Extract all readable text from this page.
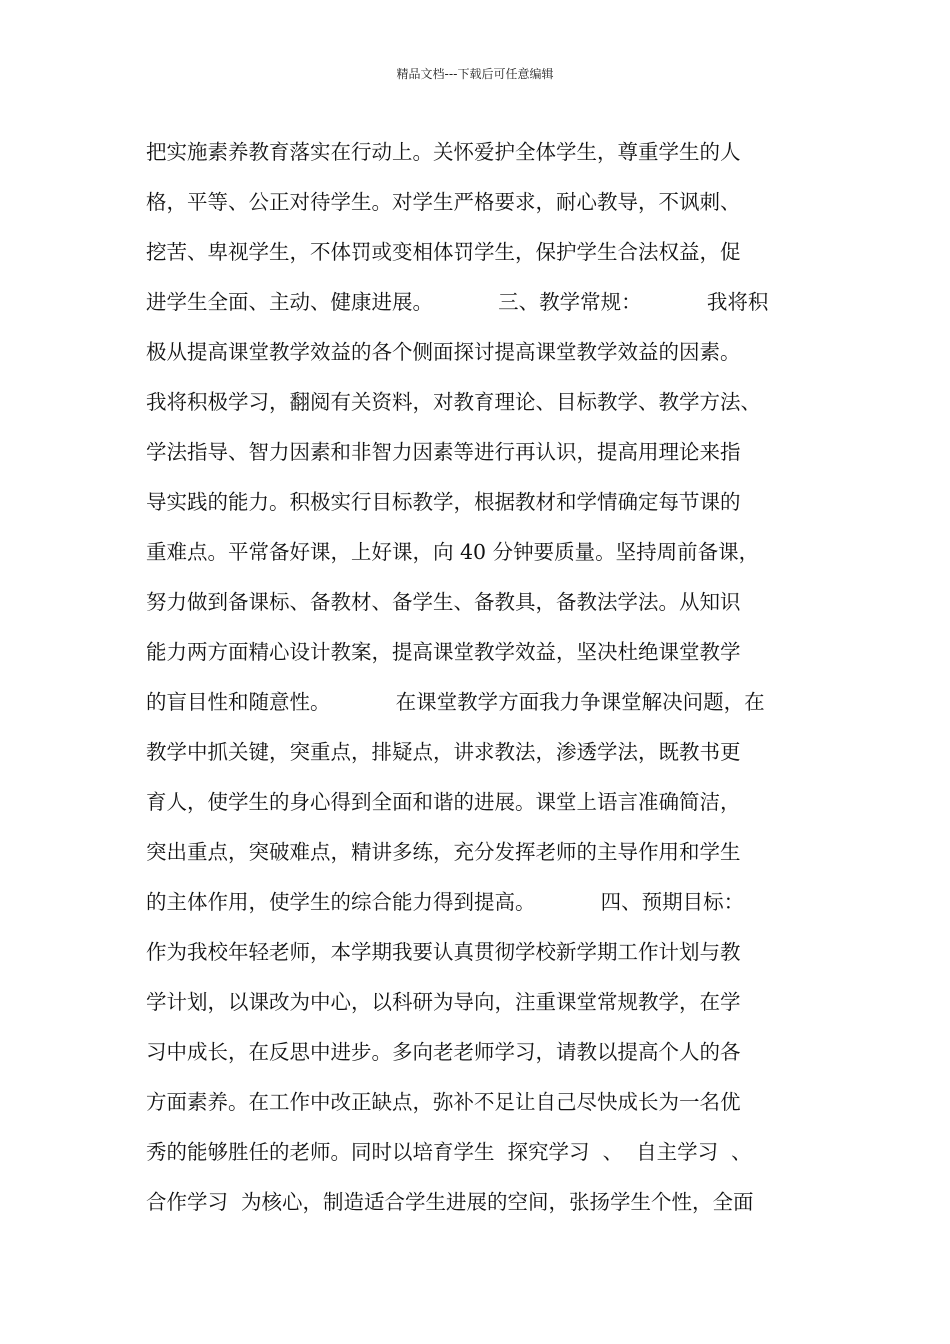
精品文档---下载后可任意编辑
把实施素养教育落实在行动上。关怀爱护全体学生，尊重学生的人
格，平等、公正对待学生。对学生严格要求，耐心教导，不讽刺、
挖苦、卑视学生，不体罚或变相体罚学生，保护学生合法权益，促
进学生全面、主动、健康进展。          三、教学常规：          我将积
极从提高课堂教学效益的各个侧面探讨提高课堂教学效益的因素。
我将积极学习，翻阅有关资料，对教育理论、目标教学、教学方法、
学法指导、智力因素和非智力因素等进行再认识，提高用理论来指
导实践的能力。积极实行目标教学，根据教材和学情确定每节课的
重难点。平常备好课，上好课，向 40 分钟要质量。坚持周前备课，
努力做到备课标、备教材、备学生、备教具，备教法学法。从知识
能力两方面精心设计教案，提高课堂教学效益，坚决杜绝课堂教学
的盲目性和随意性。          在课堂教学方面我力争课堂解决问题，在
教学中抓关键，突重点，排疑点，讲求教法，渗透学法，既教书更
育人，使学生的身心得到全面和谐的进展。课堂上语言准确简洁，
突出重点，突破难点，精讲多练，充分发挥老师的主导作用和学生
的主体作用，使学生的综合能力得到提高。          四、预期目标：
作为我校年轻老师，本学期我要认真贯彻学校新学期工作计划与教
学计划，以课改为中心，以科研为导向，注重课堂常规教学，在学
习中成长，在反思中进步。多向老老师学习，请教以提高个人的各
方面素养。在工作中改正缺点，弥补不足让自己尽快成长为一名优
秀的能够胜任的老师。同时以培育学生  探究学习  、  自主学习  、
合作学习  为核心，制造适合学生进展的空间，张扬学生个性，全面
